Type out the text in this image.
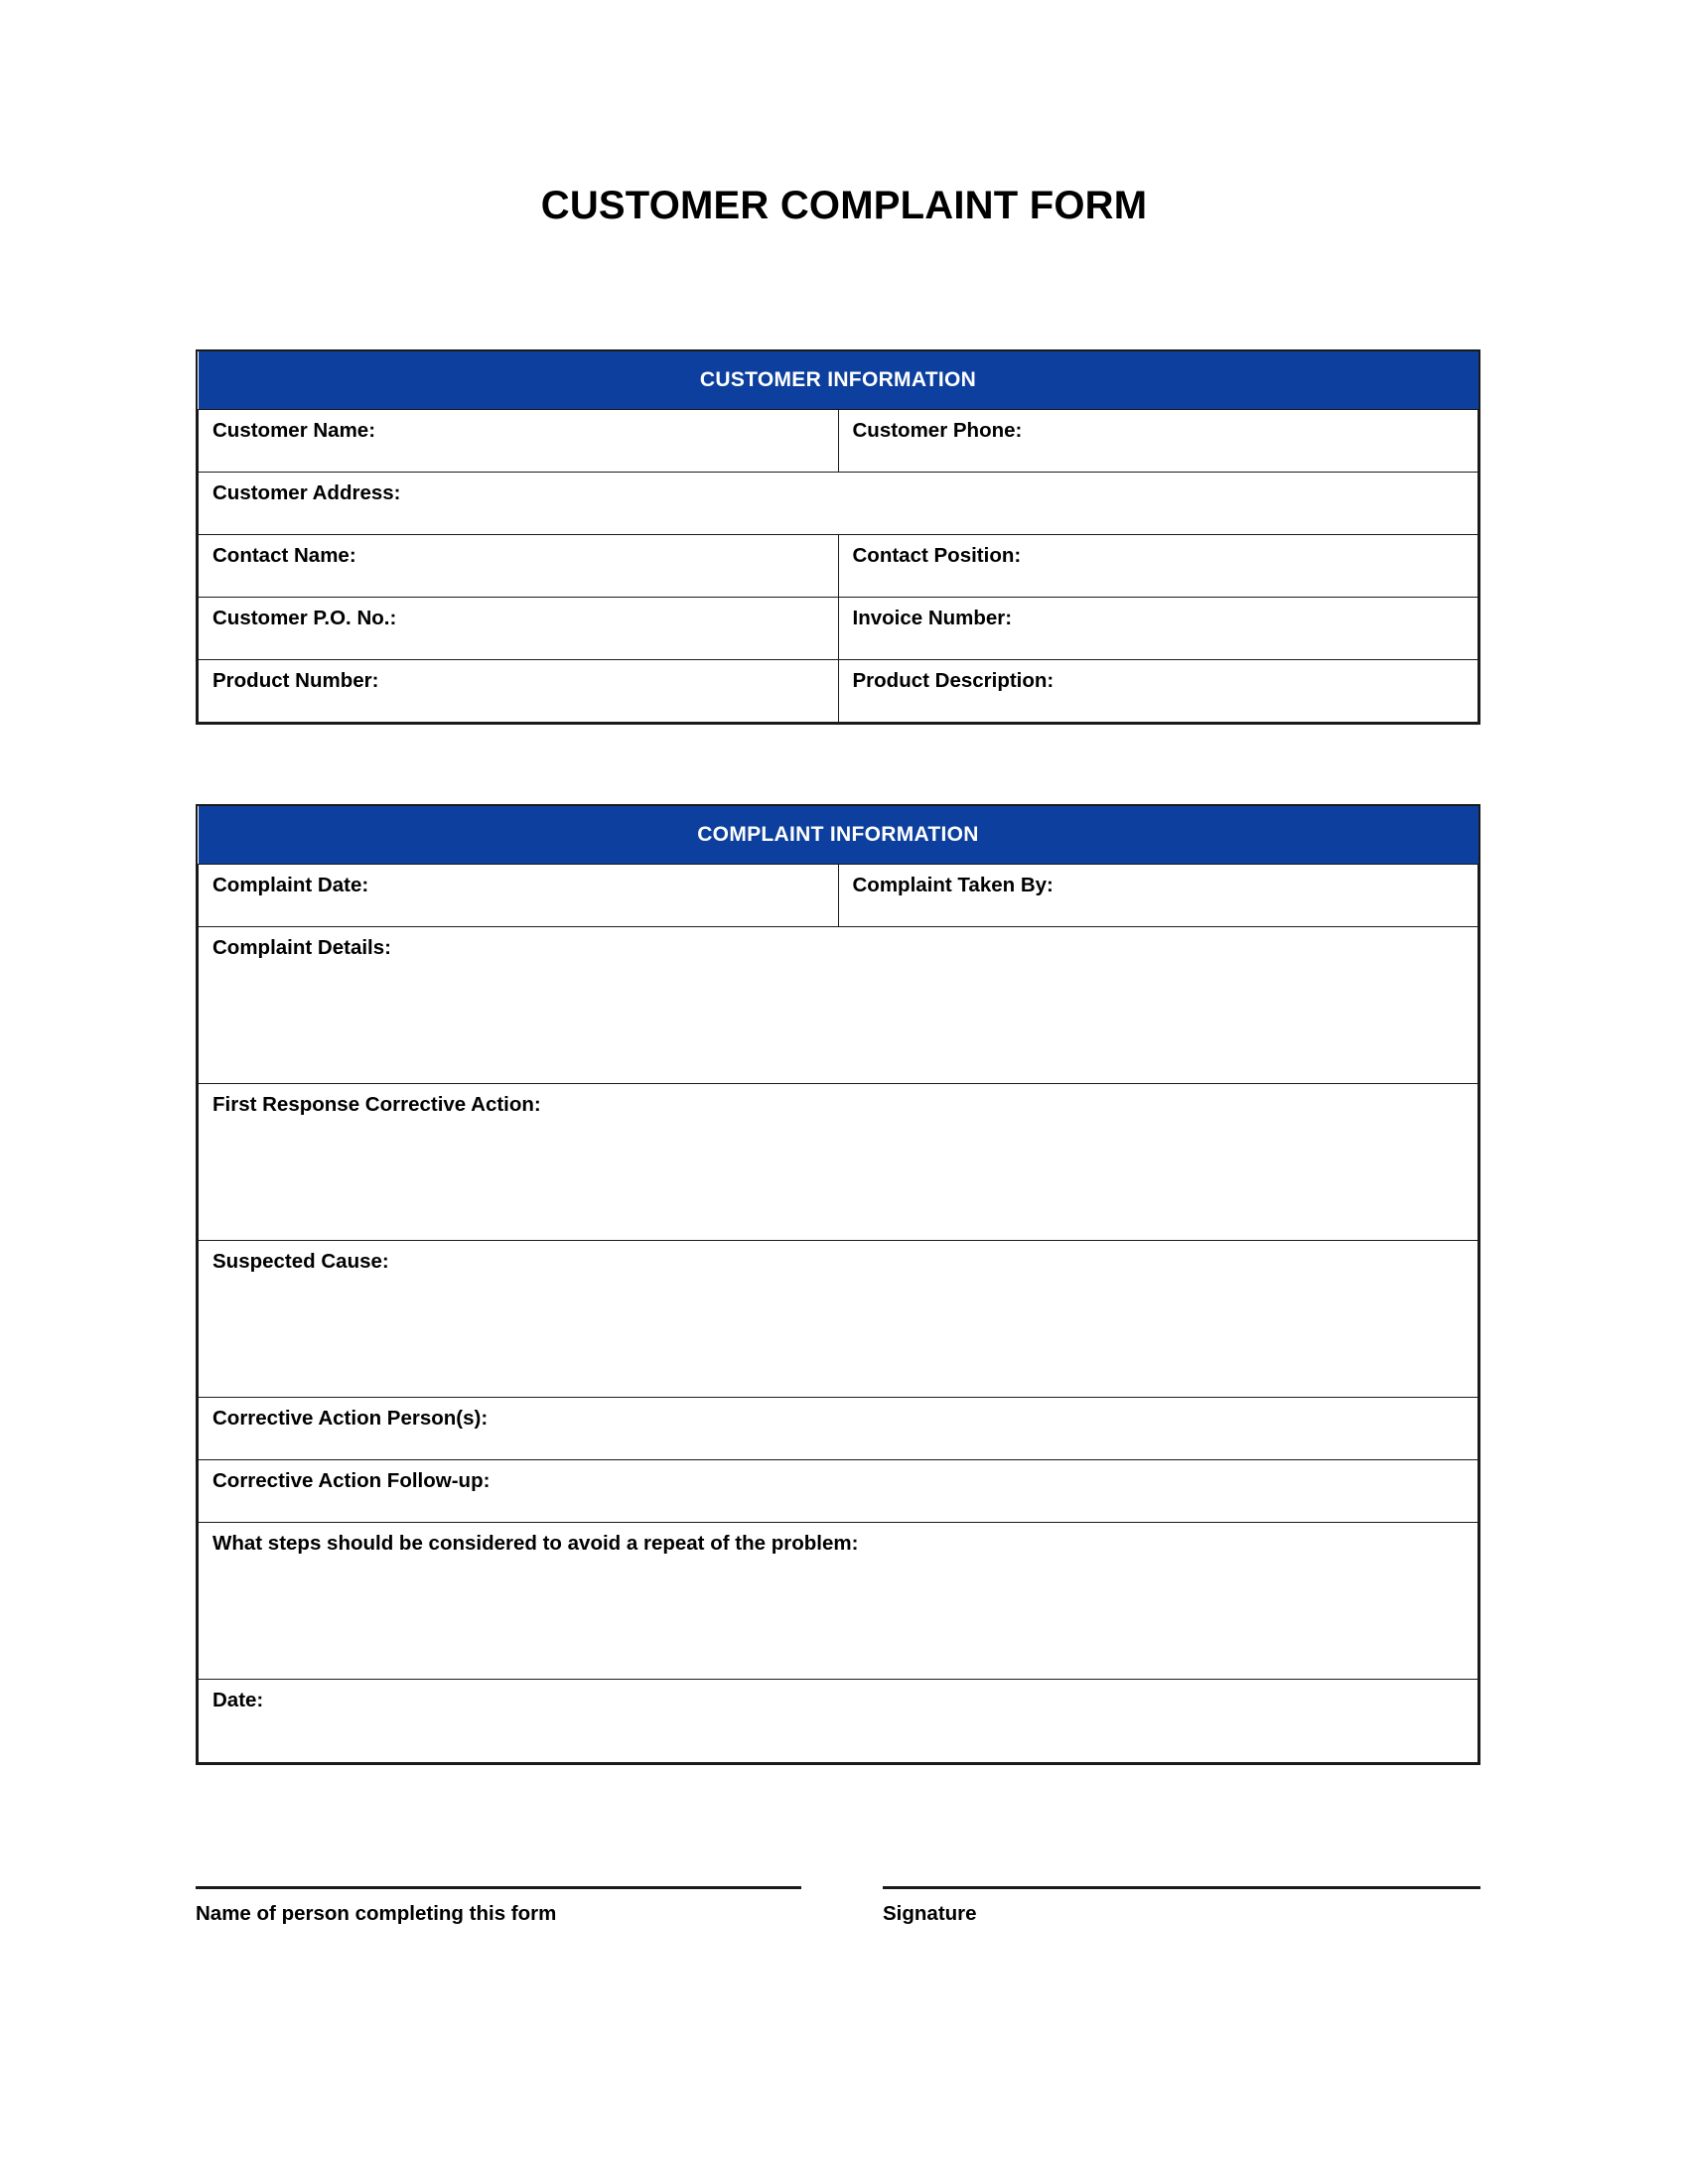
CUSTOMER COMPLAINT FORM
CUSTOMER INFORMATION	
Customer Name:	Customer Phone:
Customer Address:	
Contact Name:	Contact Position:
Customer P.O. No.:	Invoice Number:
Product Number:	Product Description:
COMPLAINT INFORMATION
Complaint Date:	Complaint Taken By:
Complaint Details:
First Response Corrective Action:
Suspected Cause:
Corrective Action Person(s):
Corrective Action Follow-up:
What steps should be considered to avoid a repeat of the problem:
Date:
Name of person completing this form	Signature
